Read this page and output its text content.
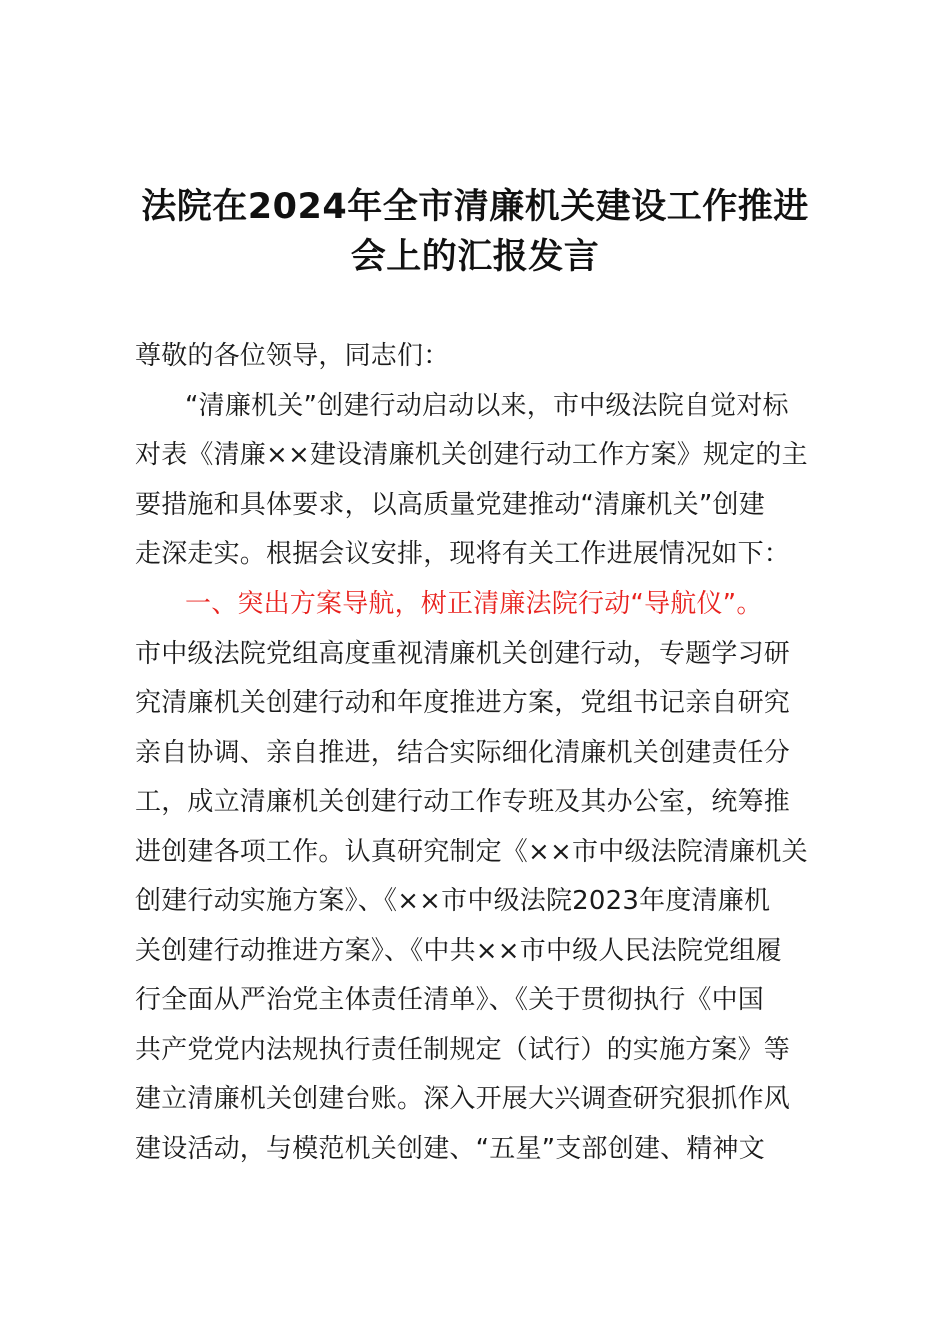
法院在2024年全市清廉机关建设工作推进
会上的汇报发言
尊敬的各位领导，同志们：
“清廉机关”创建行动启动以来，市中级法院自觉对标
对表《清廉××建设清廉机关创建行动工作方案》规定的主
要措施和具体要求，以高质量党建推动“清廉机关”创建
走深走实。根据会议安排，现将有关工作进展情况如下：
一、突出方案导航，树正清廉法院行动“导航仪”。
市中级法院党组高度重视清廉机关创建行动，专题学习研
究清廉机关创建行动和年度推进方案，党组书记亲自研究
亲自协调、亲自推进，结合实际细化清廉机关创建责任分
工，成立清廉机关创建行动工作专班及其办公室，统筹推
进创建各项工作。认真研究制定《××市中级法院清廉机关
创建行动实施方案》、《××市中级法院2023年度清廉机
关创建行动推进方案》、《中共××市中级人民法院党组履
行全面从严治党主体责任清单》、《关于贯彻执行《中国
共产党党内法规执行责任制规定（试行）的实施方案》等
建立清廉机关创建台账。深入开展大兴调查研究狠抓作风
建设活动，与模范机关创建、“五星”支部创建、精神文
